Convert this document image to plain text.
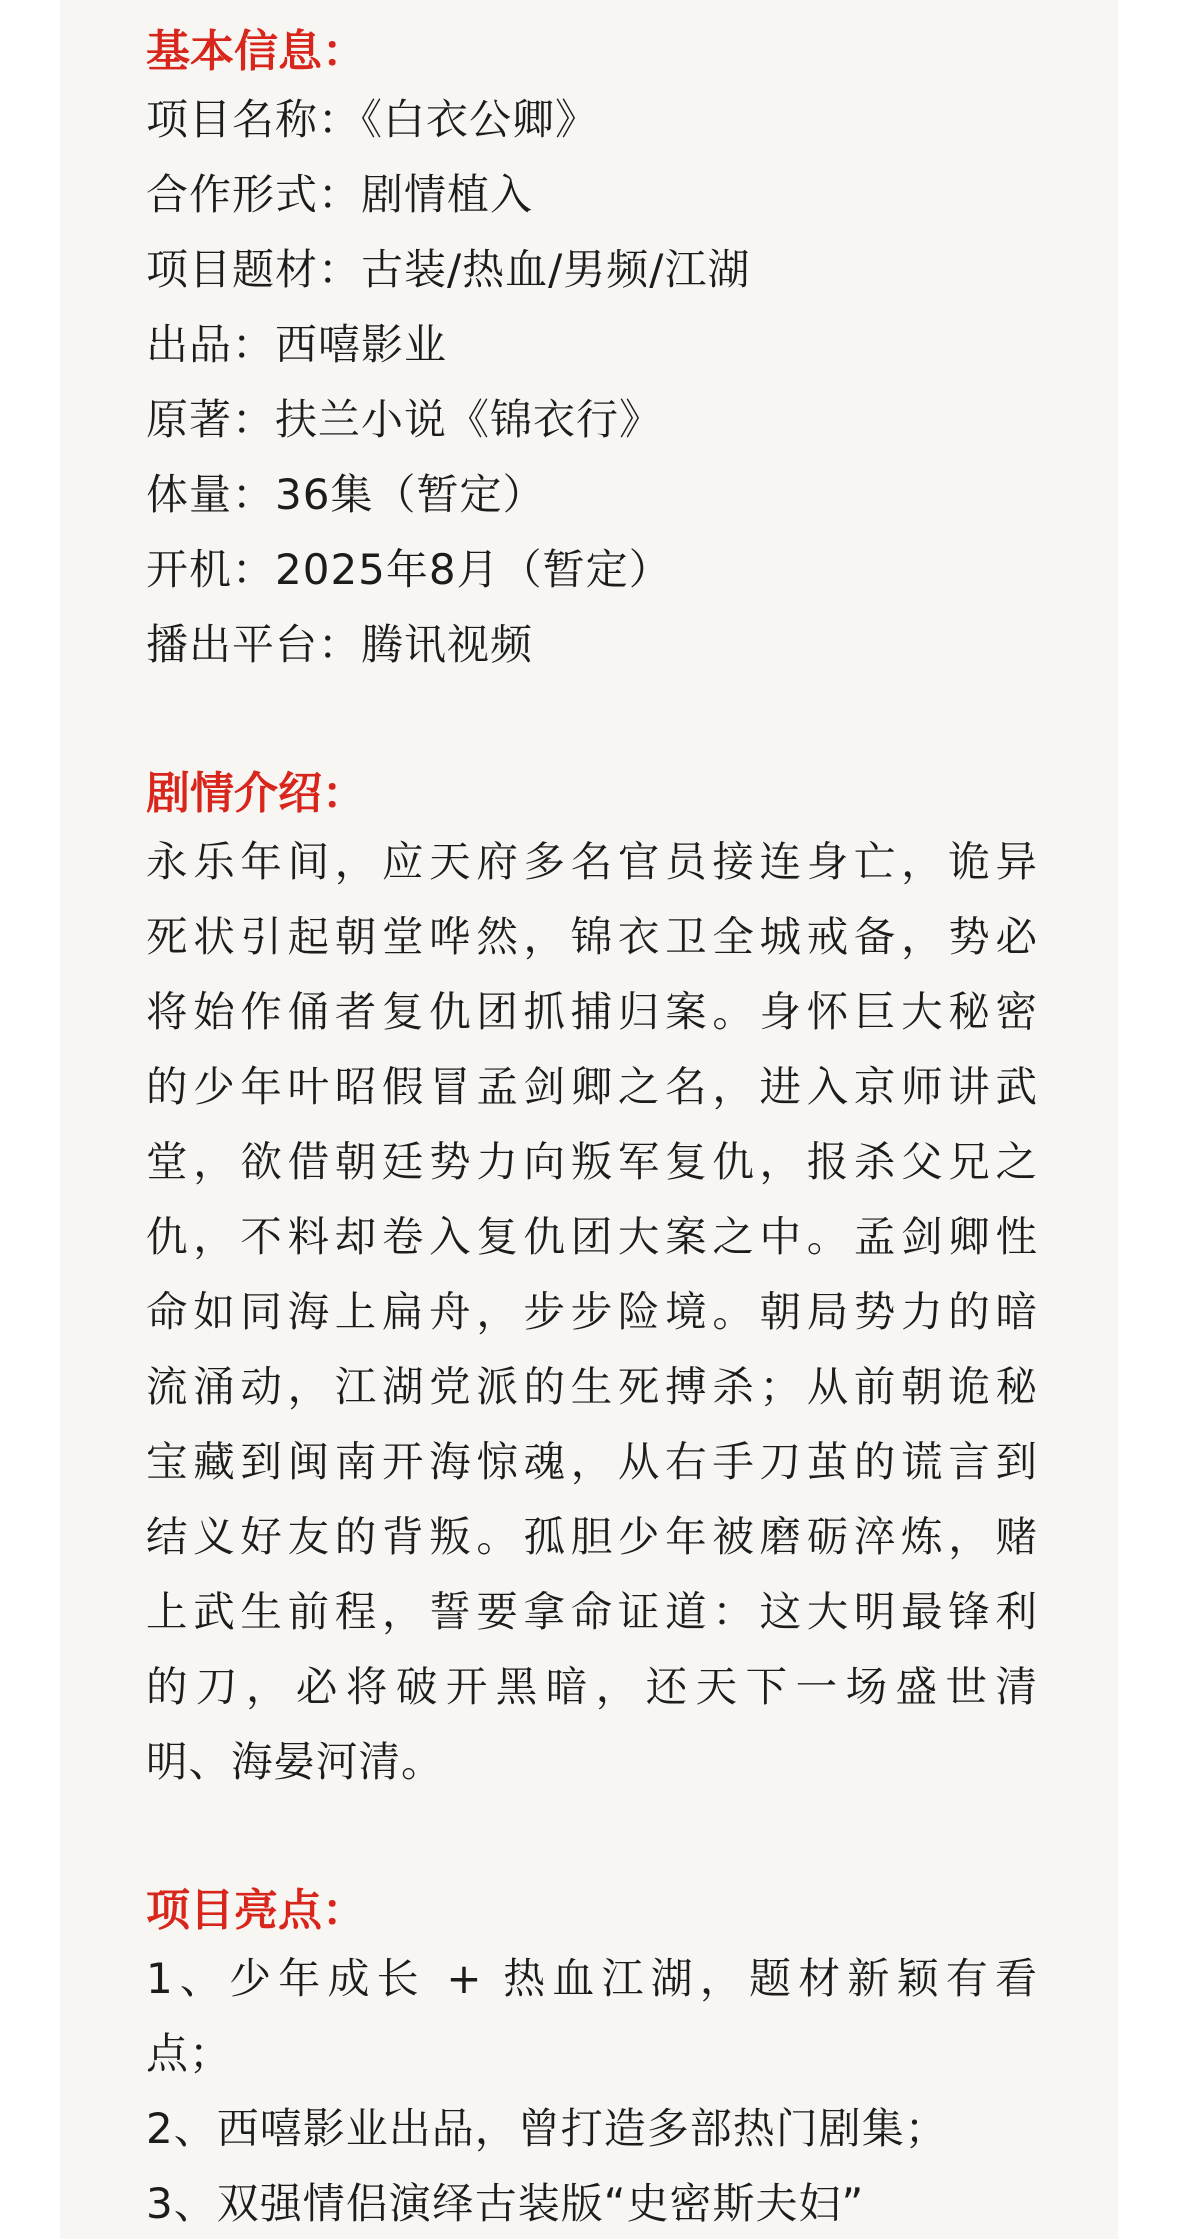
基本信息：
项目名称：《白衣公卿》
合作形式：剧情植入
项目题材：古装/热血/男频/江湖
出品：西嘻影业
原著：扶兰小说《锦衣行》
体量：36集（暂定）
开机：2025年8月（暂定）
播出平台：腾讯视频
剧情介绍：
永乐年间，应天府多名官员接连身亡，诡异
死状引起朝堂哗然，锦衣卫全城戒备，势必
将始作俑者复仇团抓捕归案。身怀巨大秘密
的少年叶昭假冒孟剑卿之名，进入京师讲武
堂，欲借朝廷势力向叛军复仇，报杀父兄之
仇，不料却卷入复仇团大案之中。孟剑卿性
命如同海上扁舟，步步险境。朝局势力的暗
流涌动，江湖党派的生死搏杀；从前朝诡秘
宝藏到闽南开海惊魂，从右手刀茧的谎言到
结义好友的背叛。孤胆少年被磨砺淬炼，赌
上武生前程，誓要拿命证道：这大明最锋利
的刀，必将破开黑暗，还天下一场盛世清
明、海晏河清。
项目亮点：
1、少年成长 + 热血江湖，题材新颖有看
点；
2、西嘻影业出品，曾打造多部热门剧集；
3、双强情侣演绎古装版“史密斯夫妇”
